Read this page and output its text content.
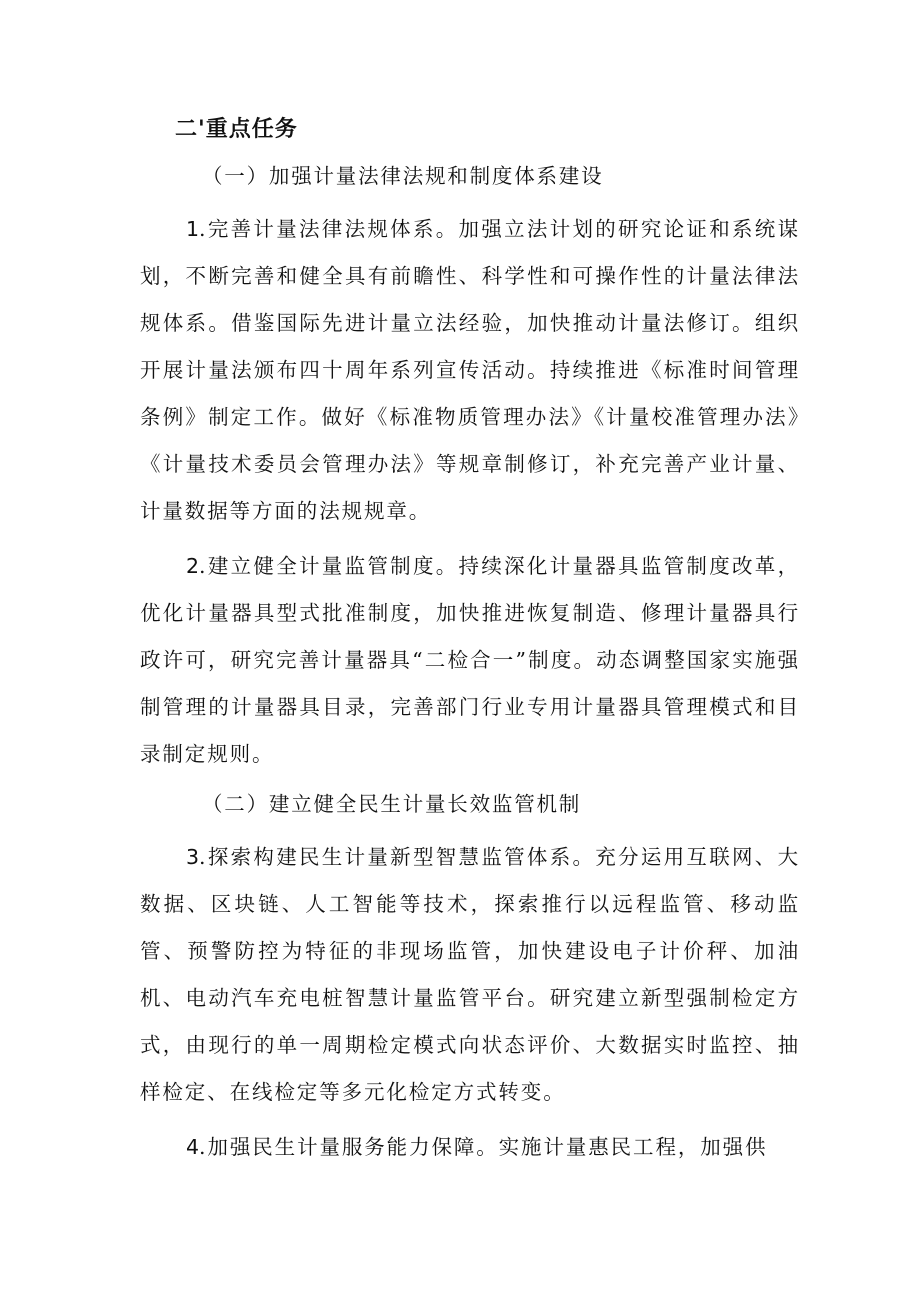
二'重点任务
（一）加强计量法律法规和制度体系建设

1.完善计量法律法规体系。加强立法计划的研究论证和系统谋划，不断完善和健全具有前瞻性、科学性和可操作性的计量法律法规体系。借鉴国际先进计量立法经验，加快推动计量法修订。组织开展计量法颁布四十周年系列宣传活动。持续推进《标准时间管理条例》制定工作。做好《标准物质管理办法》《计量校准管理办法》《计量技术委员会管理办法》等规章制修订，补充完善产业计量、计量数据等方面的法规规章。

2.建立健全计量监管制度。持续深化计量器具监管制度改革，优化计量器具型式批准制度，加快推进恢复制造、修理计量器具行政许可，研究完善计量器具“二检合一”制度。动态调整国家实施强制管理的计量器具目录，完善部门行业专用计量器具管理模式和目录制定规则。

（二）建立健全民生计量长效监管机制

3.探索构建民生计量新型智慧监管体系。充分运用互联网、大数据、区块链、人工智能等技术，探索推行以远程监管、移动监管、预警防控为特征的非现场监管，加快建设电子计价秤、加油机、电动汽车充电桩智慧计量监管平台。研究建立新型强制检定方式，由现行的单一周期检定模式向状态评价、大数据实时监控、抽样检定、在线检定等多元化检定方式转变。

4.加强民生计量服务能力保障。实施计量惠民工程，加强供
